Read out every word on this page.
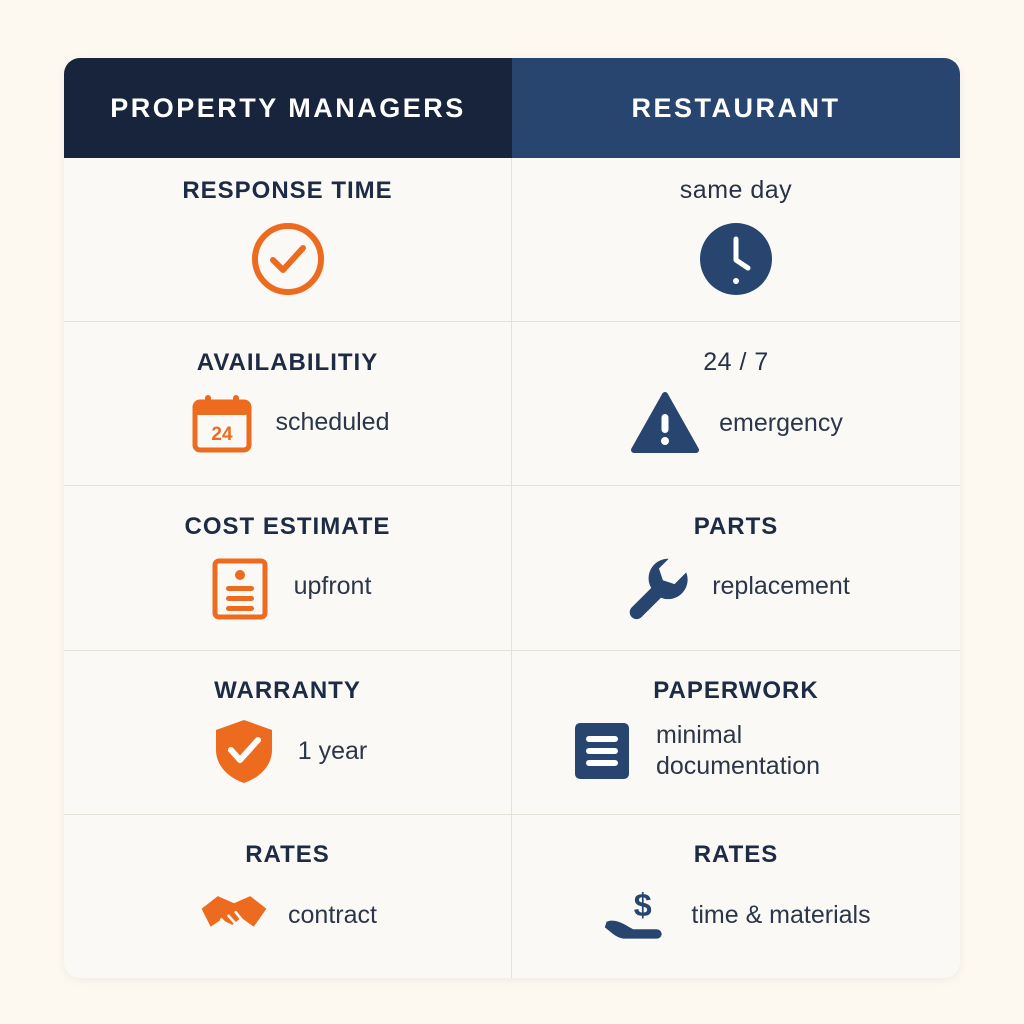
PROPERTY MANAGERS	RESTAURANT
RESPONSE TIME	same day
AVAILABILITIY
24 scheduled
24 / 7
emergency
COST ESTIMATE
upfront
PARTS
replacement
WARRANTY
1 year
PAPERWORK
minimal documentation
RATES
contract
RATES
$ time & materials
